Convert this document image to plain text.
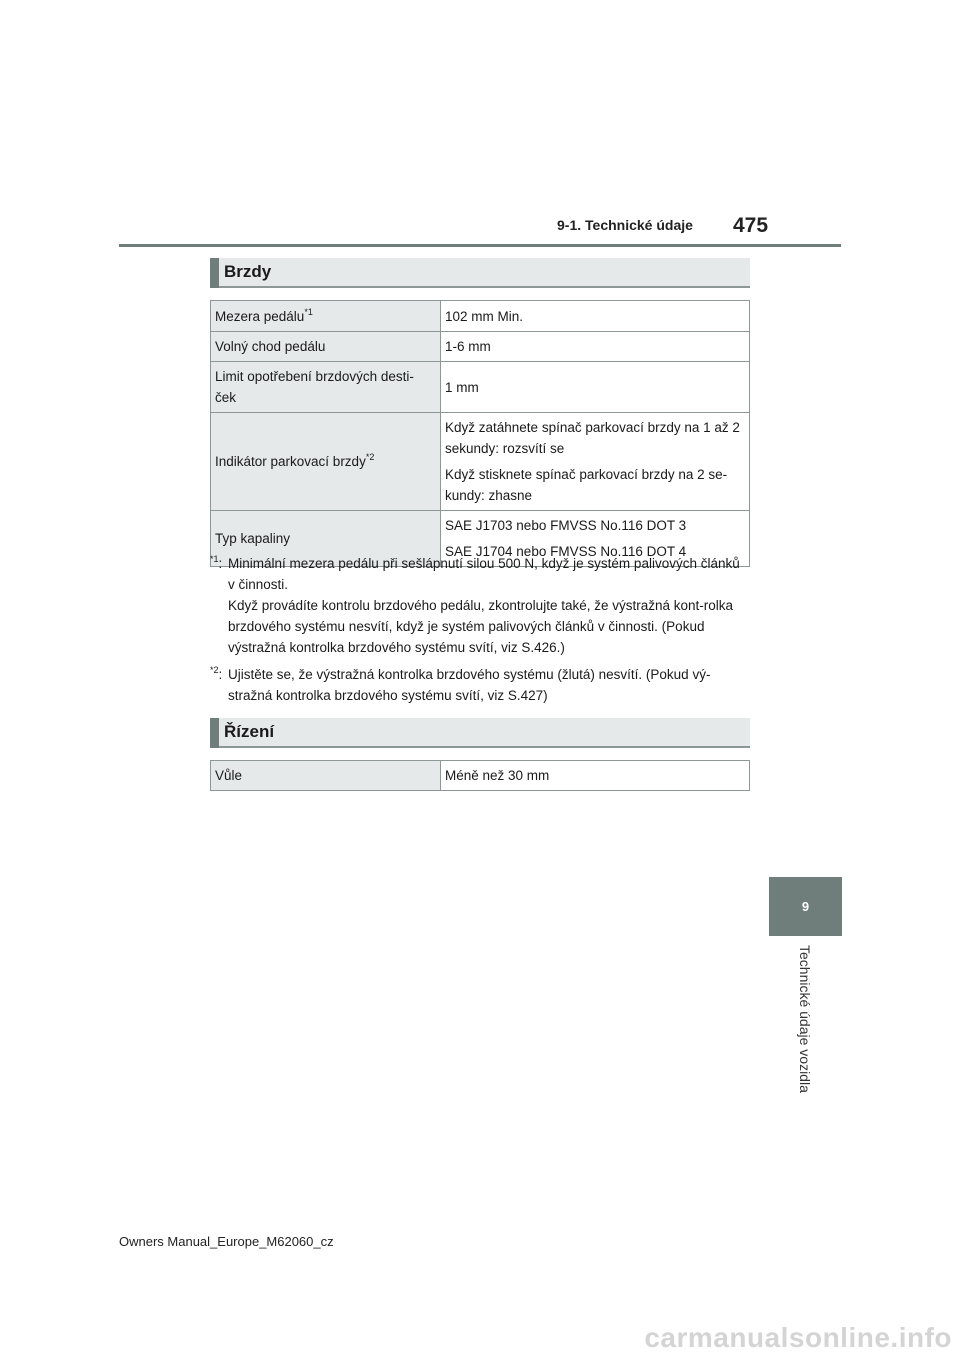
9-1. Technické údaje 475
Brzdy
Mezera pedálu$^{*1}$	102 mm Min.

Volný chod pedálu	1-6 mm

Limit opotřebení brzdových desti-
ček	1 mm

Indikátor parkovací brzdy$^{*2}$	Když zatáhnete spínač parkovací brzdy na 1 až 2 sekundy: rozsvítí se

Když stisknete spínač parkovací brzdy na 2 se-kundy: zhasne

Typ kapaliny	SAE J1703 nebo FMVSS No.116 DOT 3

SAE J1704 nebo FMVSS No.116 DOT 4

$^{*1}$: Minimální mezera pedálu při sešlápnutí silou 500 N, když je systém palivových článků v činnosti.
Když provádíte kontrolu brzdového pedálu, zkontrolujte také, že výstražná kont-rolka brzdového systému nesvítí, když je systém palivových článků v činnosti. (Pokud výstražná kontrolka brzdového systému svítí, viz S.426.)
$^{*2}$: Ujistěte se, že výstražná kontrolka brzdového systému (žlutá) nesvítí. (Pokud vý-stražná kontrolka brzdového systému svítí, viz S.427)
Řízení
Vůle	Méně než 30 mm
9
Technické údaje vozidla
Owners Manual_Europe_M62060_cz
carmanualsonline.info
